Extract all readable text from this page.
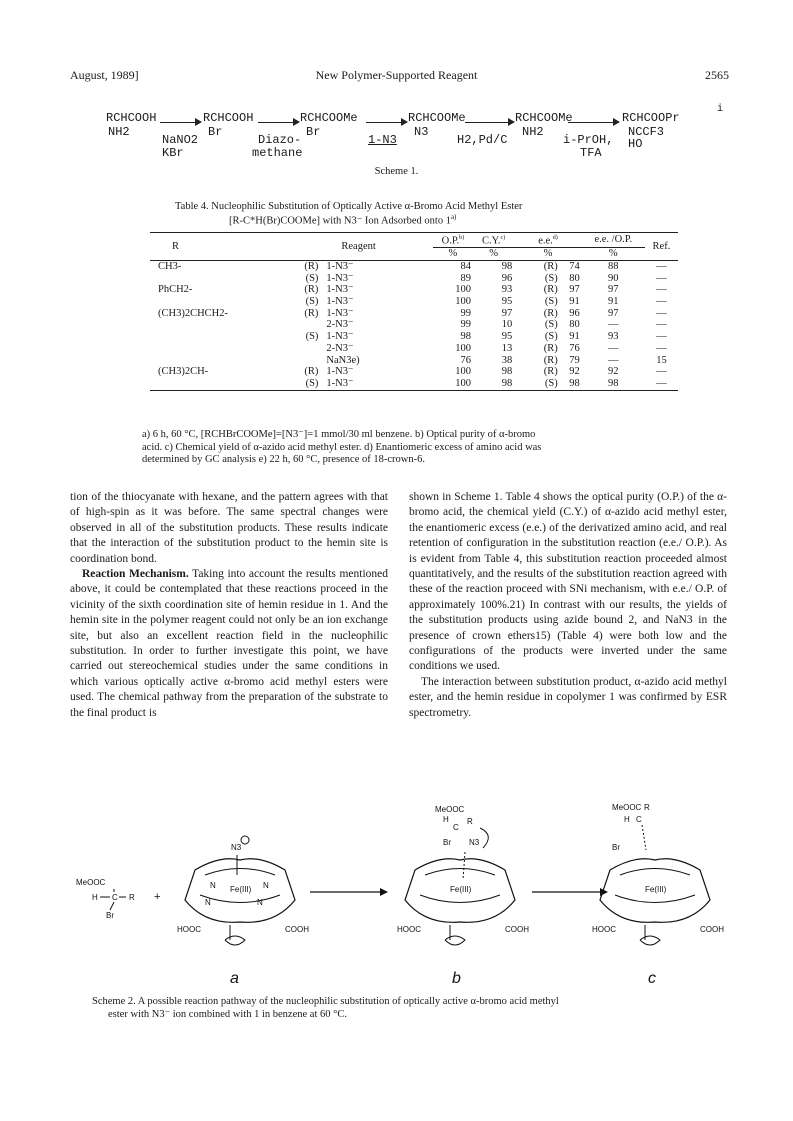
August, 1989]	New Polymer-Supported Reagent	2565
RCHCOOH
NH2
RCHCOOH
Br
RCHCOOMe
Br
RCHCOOMe
N3
RCHCOOMe
NH2
RCHCOOPr
i
NCCF3
HO
NaNO2
KBr
Diazo-
methane
1-N3	H2,Pd/C	i-PrOH,
TFA
Scheme 1.
Table 4. Nucleophilic Substitution of Optically Active α-Bromo Acid Methyl Ester
[R-C*H(Br)COOMe] with N3⁻ Ion Adsorbed onto 1$^{a)}$
R	Reagent		O.P.$^{b)}$	C.Y.$^{c)}$	e.e.$^{d)}$		e.e. /O.P.	Ref.
			%	%	%		%	
CH3-	(R)	1-N3⁻	84	98	(R)	74	88	—
	(S)	1-N3⁻	89	96	(S)	80	90	—
PhCH2-	(R)	1-N3⁻	100	93	(R)	97	97	—
	(S)	1-N3⁻	100	95	(S)	91	91	—
(CH3)2CHCH2-	(R)	1-N3⁻	99	97	(R)	96	97	—
		2-N3⁻	99	10	(S)	80	—	—
	(S)	1-N3⁻	98	95	(S)	91	93	—
		2-N3⁻	100	13	(R)	76	—	—
		NaN3e)	76	38	(R)	79	—	15
(CH3)2CH-	(R)	1-N3⁻	100	98	(R)	92	92	—
	(S)	1-N3⁻	100	98	(S)	98	98	—
a) 6 h, 60 °C, [RCHBrCOOMe]=[N3⁻]=1 mmol/30 ml benzene. b) Optical purity of α-bromo
acid. c) Chemical yield of α-azido acid methyl ester. d) Enantiomeric excess of amino acid was
determined by GC analysis e) 22 h, 60 °C, presence of 18-crown-6.

tion of the thiocyanate with hexane, and the pattern agrees with that of high-spin as it was before. The same spectral changes were observed in all of the substitution products. These results indicate that the interaction of the substitution product to the hemin site is coordination bond.

Reaction Mechanism. Taking into account the results mentioned above, it could be contemplated that these reactions proceed in the vicinity of the sixth coordination site of hemin residue in 1. And the hemin site in the polymer reagent could not only be an ion exchange site, but also an excellent reaction field in the nucleophilic substitution. In order to further investigate this point, we have carried out stereochemical studies under the same conditions in which various optically active α-bromo acid methyl esters were used. The chemical pathway from the preparation of the substrate to the final product is

shown in Scheme 1. Table 4 shows the optical purity (O.P.) of the α-bromo acid, the chemical yield (C.Y.) of α-azido acid methyl ester, the enantiomeric excess (e.e.) of the derivatized amino acid, and real retention of configuration in the substitution reaction (e.e./ O.P.). As is evident from Table 4, this substitution reaction proceeded almost quantitatively, and the results of the substitution reaction agreed with these of the reaction proceed with SNi mechanism, with e.e./ O.P. of approximately 100%.21) In contrast with our results, the yields of the substitution products using azide bound 2, and NaN3 in the presence of crown ethers15) (Table 4) were both low and the configurations of the products were inverted under the same conditions we used.

The interaction between substitution product, α-azido acid methyl ester, and the hemin residue in copolymer 1 was confirmed by ESR spectrometry.

MeOOC
H C R
Br
+
Fe(III)
N	N
N	N
N3
HOOC	COOH
MeOOC
H
C
R
Br N3
Fe(III)
HOOC	COOH
MeOOC R
H C
Br
Fe(III)
HOOC	COOH
a	b	c
Scheme 2. A possible reaction pathway of the nucleophilic substitution of optically active α-bromo acid methyl
ester with N3⁻ ion combined with 1 in benzene at 60 °C.
